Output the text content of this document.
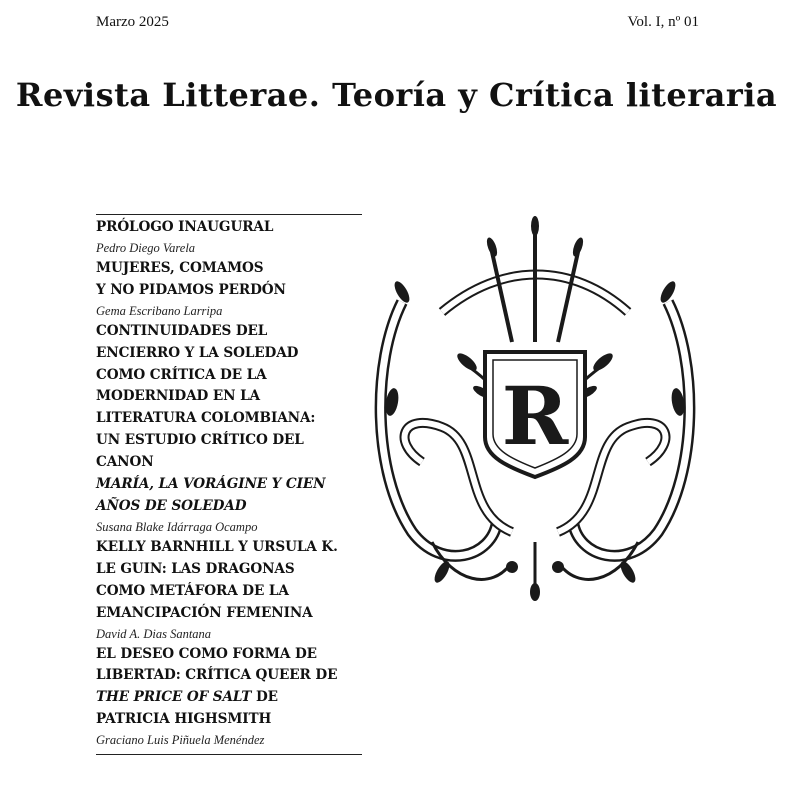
Marzo 2025	Vol. I, nº 01
Revista Litterae. Teoría y Crítica literaria
PRÓLOGO INAUGURAL
Pedro Diego Varela
MUJERES, COMAMOS
Y NO PIDAMOS PERDÓN
Gema Escribano Larripa
CONTINUIDADES DEL
ENCIERRO Y LA SOLEDAD
COMO CRÍTICA DE LA
MODERNIDAD EN LA
LITERATURA COLOMBIANA:
UN ESTUDIO CRÍTICO DEL
CANON
MARÍA, LA VORÁGINE Y CIEN
AÑOS DE SOLEDAD
Susana Blake Idárraga Ocampo
KELLY BARNHILL Y URSULA K.
LE GUIN: LAS DRAGONAS
COMO METÁFORA DE LA
EMANCIPACIÓN FEMENINA
David A. Dias Santana
EL DESEO COMO FORMA DE
LIBERTAD: CRÍTICA QUEER DE
THE PRICE OF SALT DE
PATRICIA HIGHSMITH
Graciano Luis Piñuela Menéndez
R
